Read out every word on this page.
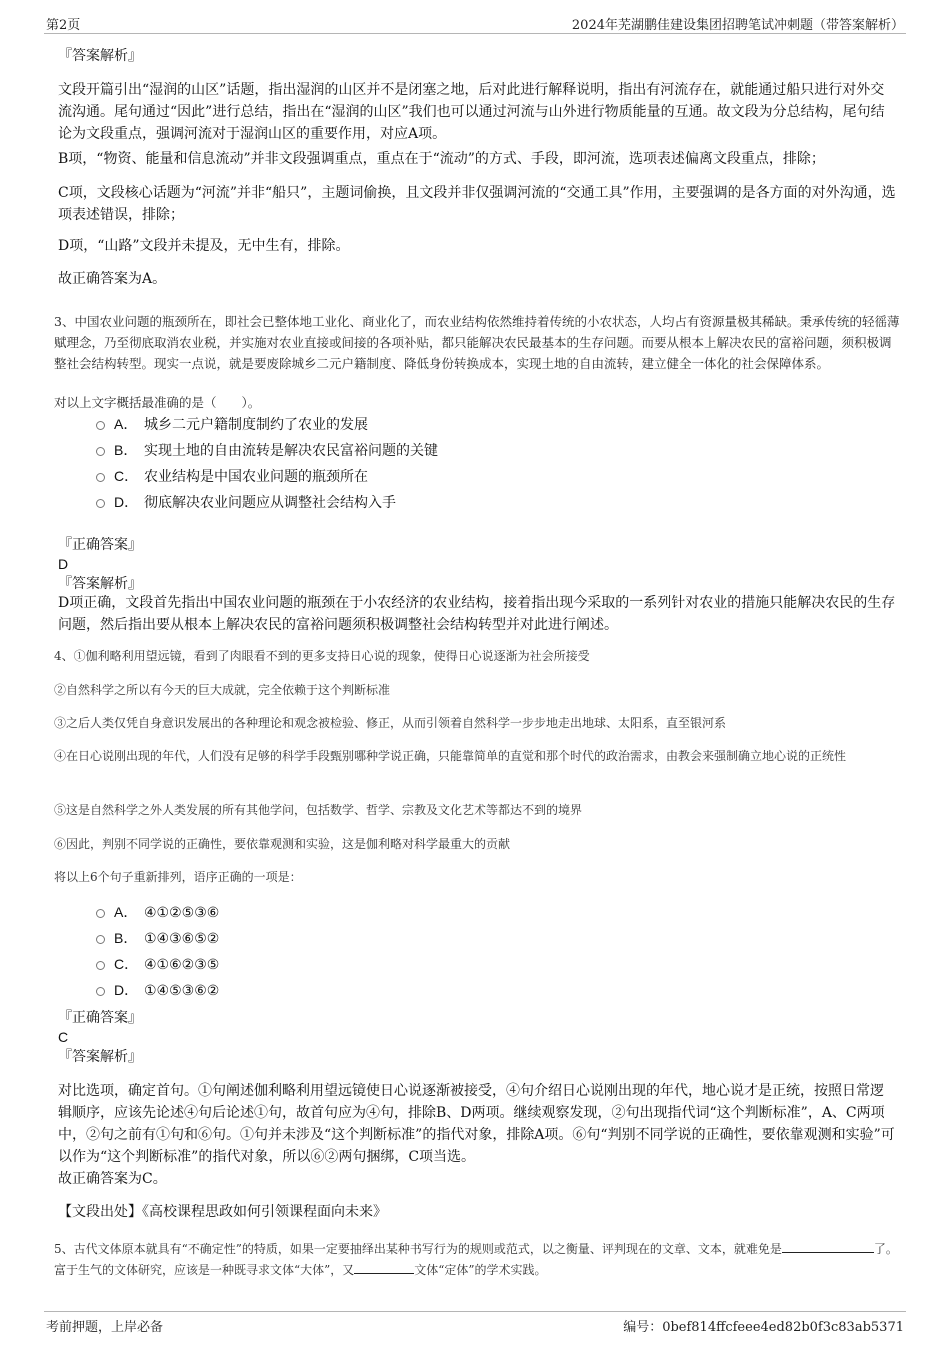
第2页	2024年芜湖鹏佳建设集团招聘笔试冲刺题（带答案解析）
『答案解析』
文段开篇引出“湿润的山区”话题，指出湿润的山区并不是闭塞之地，后对此进行解释说明，指出有河流存在，就能通过船只进行对外交流沟通。尾句通过“因此”进行总结，指出在“湿润的山区”我们也可以通过河流与山外进行物质能量的互通。故文段为分总结构，尾句结论为文段重点，强调河流对于湿润山区的重要作用，对应A项。
B项，“物资、能量和信息流动”并非文段强调重点，重点在于“流动”的方式、手段，即河流，选项表述偏离文段重点，排除；
C项，文段核心话题为“河流”并非“船只”，主题词偷换，且文段并非仅强调河流的“交通工具”作用，主要强调的是各方面的对外沟通，选项表述错误，排除；
D项，“山路”文段并未提及，无中生有，排除。
故正确答案为A。
3、中国农业问题的瓶颈所在，即社会已整体地工业化、商业化了，而农业结构依然维持着传统的小农状态，人均占有资源量极其稀缺。秉承传统的轻徭薄赋理念，乃至彻底取消农业税，并实施对农业直接或间接的各项补贴，都只能解决农民最基本的生存问题。而要从根本上解决农民的富裕问题，须积极调整社会结构转型。现实一点说，就是要废除城乡二元户籍制度、降低身份转换成本，实现土地的自由流转，建立健全一体化的社会保障体系。
对以上文字概括最准确的是（　　）。
A． 城乡二元户籍制度制约了农业的发展
B． 实现土地的自由流转是解决农民富裕问题的关键
C． 农业结构是中国农业问题的瓶颈所在
D． 彻底解决农业问题应从调整社会结构入手
『正确答案』
D
『答案解析』
D项正确，文段首先指出中国农业问题的瓶颈在于小农经济的农业结构，接着指出现今采取的一系列针对农业的措施只能解决农民的生存问题，然后指出要从根本上解决农民的富裕问题须积极调整社会结构转型并对此进行阐述。
4、①伽利略利用望远镜，看到了肉眼看不到的更多支持日心说的现象，使得日心说逐渐为社会所接受
②自然科学之所以有今天的巨大成就，完全依赖于这个判断标准
③之后人类仅凭自身意识发展出的各种理论和观念被检验、修正，从而引领着自然科学一步步地走出地球、太阳系，直至银河系
④在日心说刚出现的年代，人们没有足够的科学手段甄别哪种学说正确，只能靠简单的直觉和那个时代的政治需求，由教会来强制确立地心说的正统性
⑤这是自然科学之外人类发展的所有其他学问，包括数学、哲学、宗教及文化艺术等都达不到的境界
⑥因此，判别不同学说的正确性，要依靠观测和实验，这是伽利略对科学最重大的贡献
将以上6个句子重新排列，语序正确的一项是：
A． ④①②⑤③⑥
B． ①④③⑥⑤②
C． ④①⑥②③⑤
D． ①④⑤③⑥②
『正确答案』
C
『答案解析』
对比选项，确定首句。①句阐述伽利略利用望远镜使日心说逐渐被接受，④句介绍日心说刚出现的年代，地心说才是正统，按照日常逻辑顺序，应该先论述④句后论述①句，故首句应为④句，排除B、D两项。继续观察发现，②句出现指代词“这个判断标准”，A、C两项中，②句之前有①句和⑥句。①句并未涉及“这个判断标准”的指代对象，排除A项。⑥句“判别不同学说的正确性，要依靠观测和实验”可以作为“这个判断标准”的指代对象，所以⑥②两句捆绑，C项当选。
故正确答案为C。
【文段出处】《高校课程思政如何引领课程面向未来》
5、古代文体原本就具有“不确定性”的特质，如果一定要抽绎出某种书写行为的规则或范式，以之衡量、评判现在的文章、文本，就难免是	了。富于生气的文体研究，应该是一种既寻求文体“大体”，又	文体“定体”的学术实践。
考前押题，上岸必备	编号：0bef814ffcfeee4ed82b0f3c83ab5371
